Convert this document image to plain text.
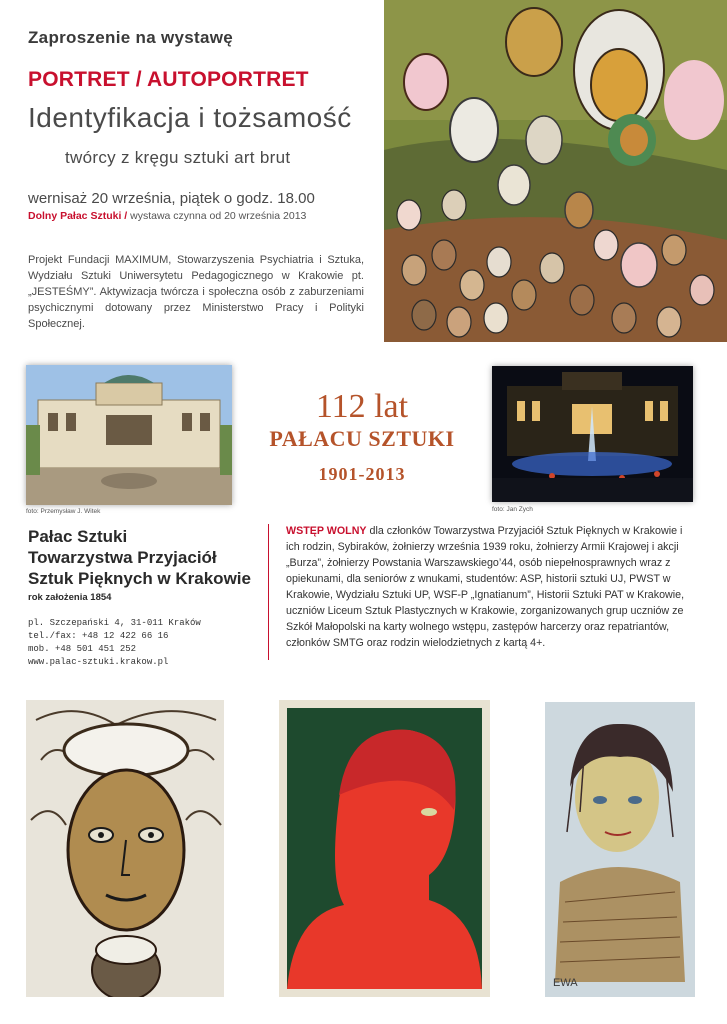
Zaproszenie na wystawę
PORTRET / AUTOPORTRET
Identyfikacja i tożsamość
twórcy z kręgu sztuki art brut
wernisaż 20 września, piątek o godz. 18.00
Dolny Pałac Sztuki / wystawa czynna od 20 września 2013
Projekt Fundacji MAXIMUM, Stowarzyszenia Psychiatria i Sztuka, Wydziału Sztuki Uniwersytetu Pedagogicznego w Krakowie pt. „JESTEŚMY”. Aktywizacja twórcza i społeczna osób z zaburzeniami psychicznymi dotowany przez Ministerstwo Pracy i Polityki Społecznej.
foto: Przemysław J. Witek
112 lat
PAŁACU SZTUKI
1901-2013
foto: Jan Zych
Pałac Sztuki
Towarzystwa Przyjaciół
Sztuk Pięknych w Krakowie
rok założenia 1854
pl. Szczepański 4, 31-011 Kraków
tel./fax: +48 12 422 66 16
mob. +48 501 451 252
www.palac-sztuki.krakow.pl
WSTĘP WOLNY dla członków Towarzystwa Przyjaciół Sztuk Pięknych w Krakowie i ich rodzin, Sybiraków, żołnierzy września 1939 roku, żołnierzy Armii Krajowej i akcji „Burza”, żołnierzy Powstania Warszawskiego’44, osób niepełnosprawnych wraz z opiekunami, dla seniorów z wnukami, studentów: ASP, historii sztuki UJ, PWST w Krakowie, Wydziału Sztuki UP, WSF-P „Ignatianum”, Historii Sztuki PAT w Krakowie, uczniów Liceum Sztuk Plastycznych w Krakowie, zorganizowanych grup uczniów ze Szkół Małopolski na karty wolnego wstępu, zastępów harcerzy oraz repatriantów, członków SMTG oraz rodzin wielodzietnych z kartą 4+.
EWA
